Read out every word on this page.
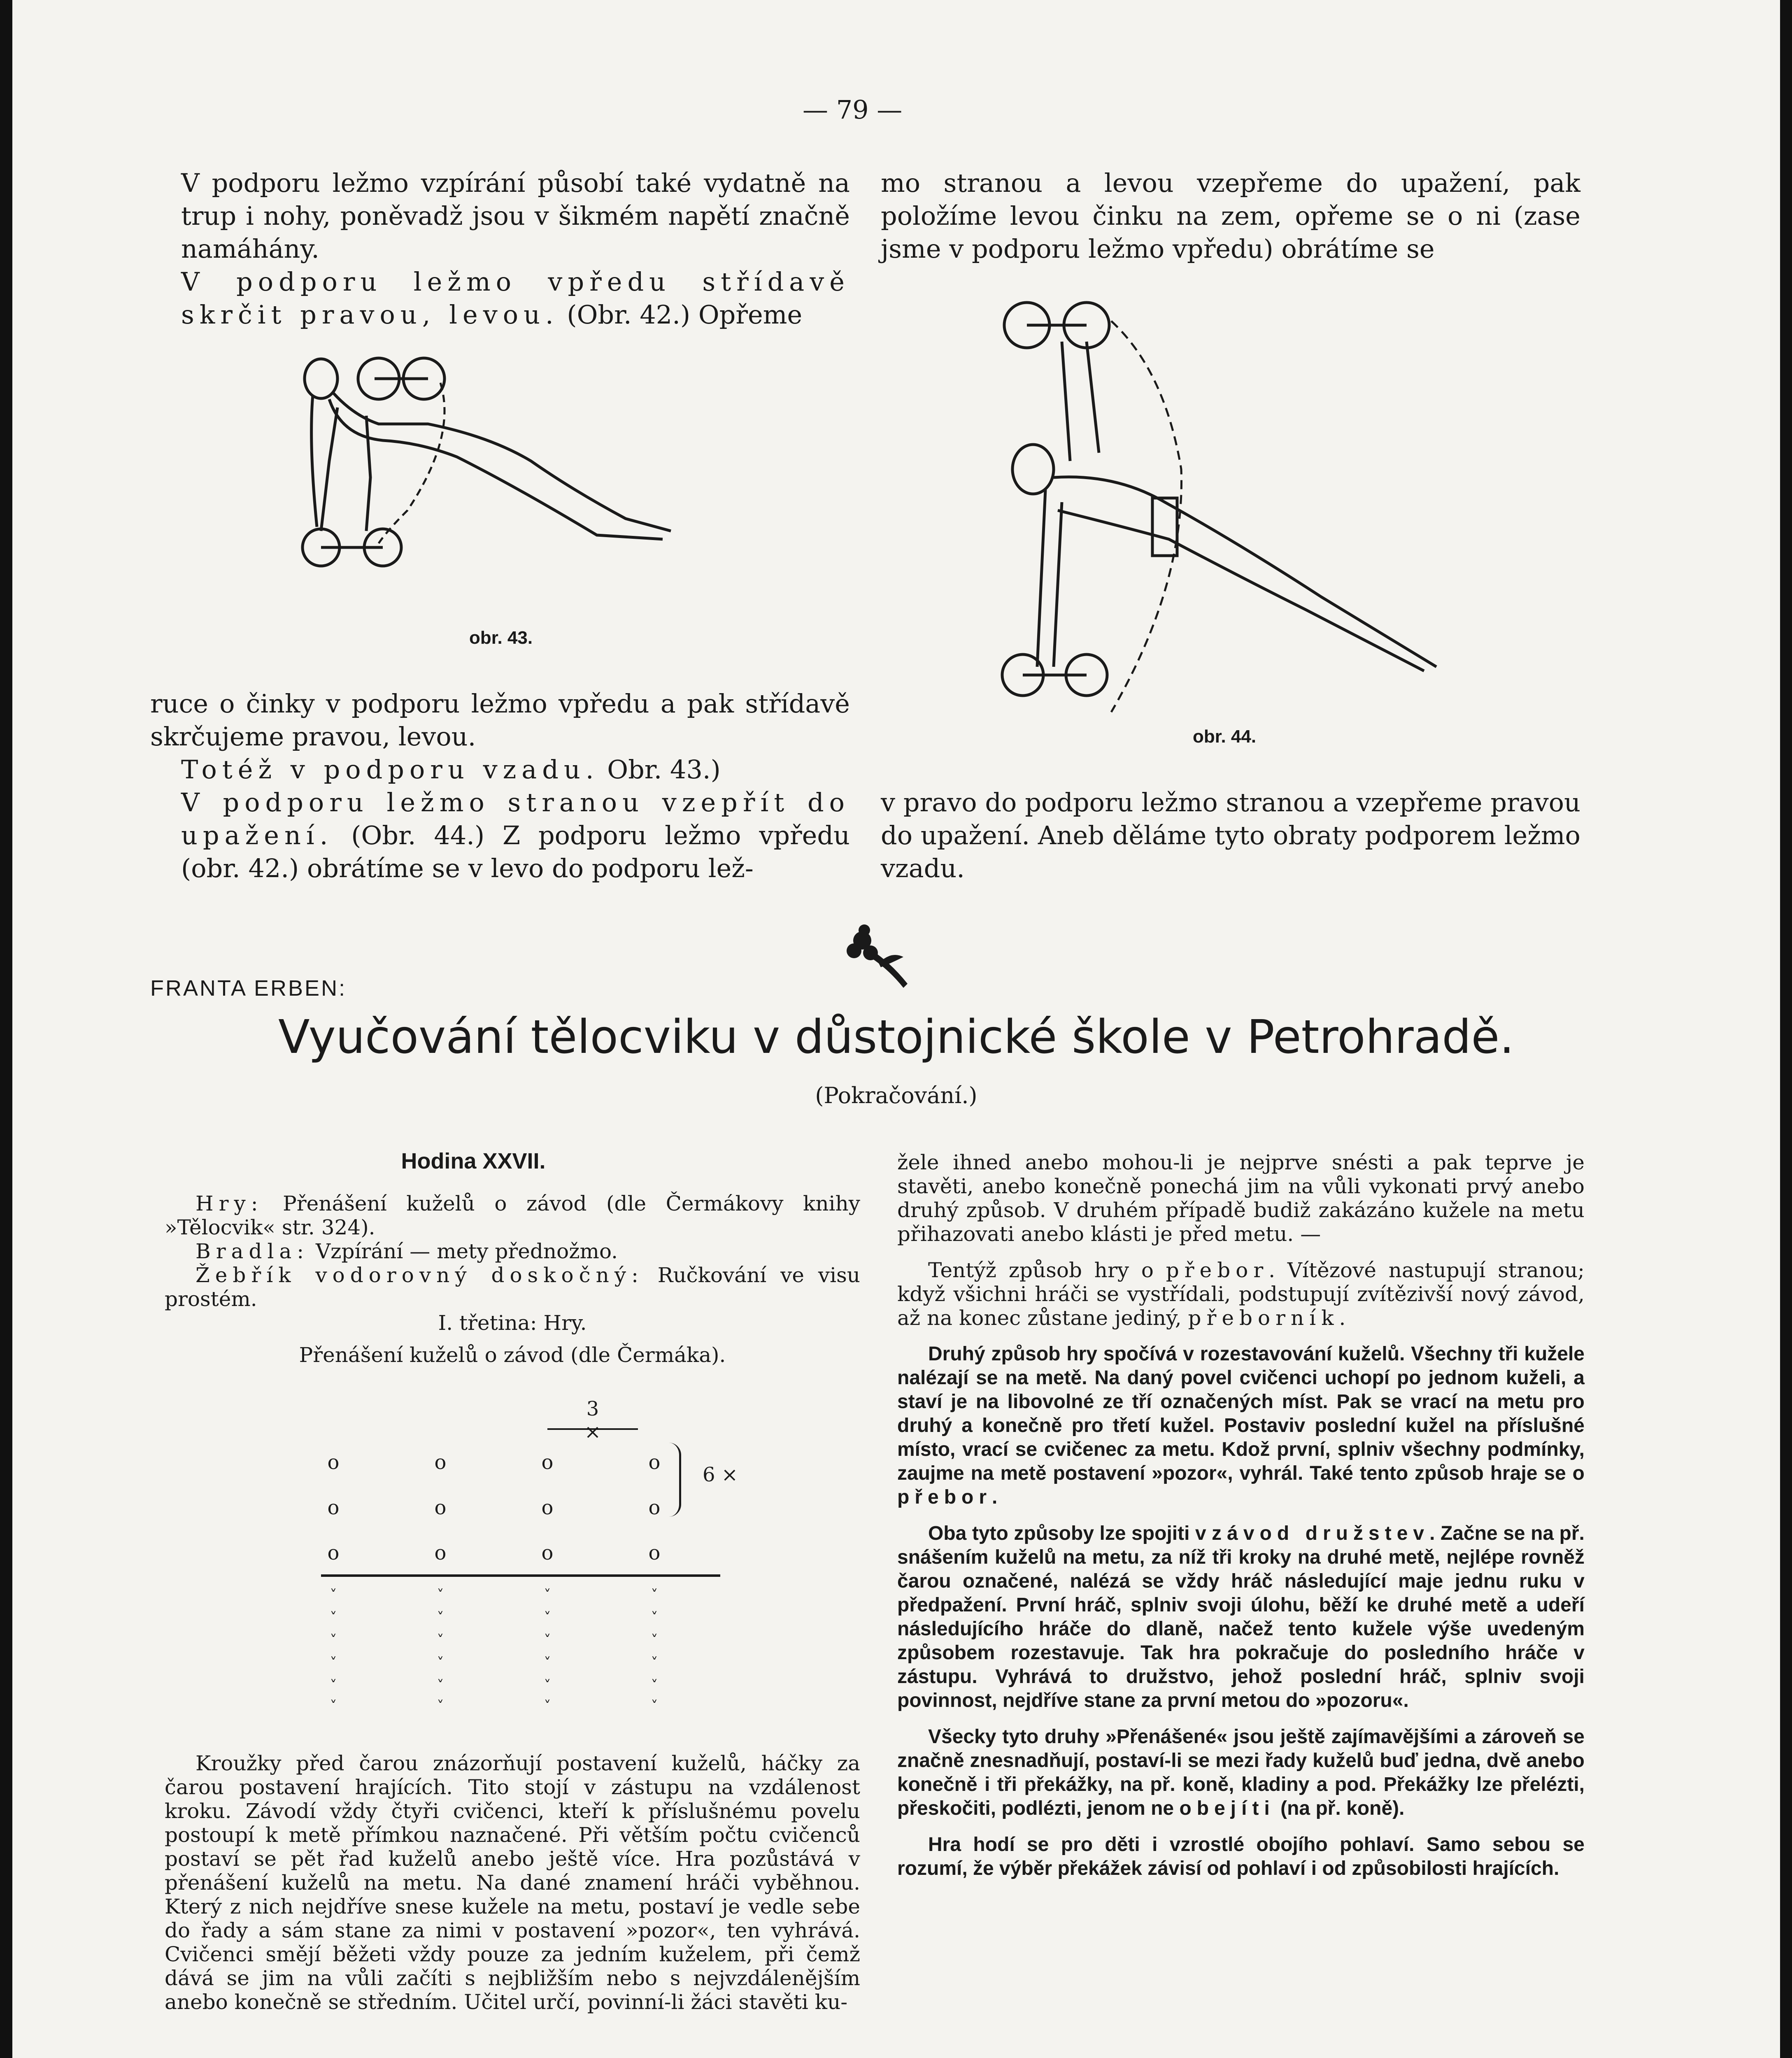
— 79 —

V podporu ležmo vzpírání působí také vydatně na trup i nohy, poněvadž jsou v šikmém napětí značně namáhány.

V podporu ležmo vpředu střídavě skrčit pravou, levou. (Obr. 42.) Opřeme

mo stranou a levou vzepřeme do upažení, pak položíme levou činku na zem, opřeme se o ni (zase jsme v podporu ležmo vpředu) obrátíme se

obr. 43.
obr. 44.

ruce o činky v podporu ležmo vpředu a pak střídavě skrčujeme pravou, levou.

Totéž v podporu vzadu. Obr. 43.)

V podporu ležmo stranou vzepřít do upažení. (Obr. 44.) Z podporu ležmo vpředu (obr. 42.) obrátíme se v levo do podporu lež-

v pravo do podporu ležmo stranou a vzepřeme pravou do upažení. Aneb děláme tyto obraty podporem ležmo vzadu.

FRANTA ERBEN:
Vyučování tělocviku v důstojnické škole v Petrohradě.
(Pokračování.)
Hodina XXVII.

Hry: Přenášení kuželů o závod (dle Čermákovy knihy »Tělocvik« str. 324).

Bradla: Vzpírání — mety přednožmo.

Žebřík vodorovný doskočný: Ručkování ve visu prostém.

I. třetina: Hry.

Přenášení kuželů o závod (dle Čermáka).

3 ×
6 ×
o
o
o
˅
˅
˅
˅
˅
˅
o
o
o
˅
˅
˅
˅
˅
˅
o
o
o
˅
˅
˅
˅
˅
˅
o
o
o
˅
˅
˅
˅
˅
˅

Kroužky před čarou znázorňují postavení kuželů, háčky za čarou postavení hrajících. Tito stojí v zástupu na vzdálenost kroku. Závodí vždy čtyři cvičenci, kteří k příslušnému povelu postoupí k metě přímkou naznačené. Při větším počtu cvičenců postaví se pět řad kuželů anebo ještě více. Hra pozůstává v přenášení kuželů na metu. Na dané znamení hráči vyběhnou. Který z nich nejdříve snese kužele na metu, postaví je vedle sebe do řady a sám stane za nimi v postavení »pozor«, ten vyhrává. Cvičenci smějí běžeti vždy pouze za jedním kuželem, při čemž dává se jim na vůli začíti s nejbližším nebo s nejvzdálenějším anebo konečně se středním. Učitel určí, povinní-li žáci stavěti ku-

žele ihned anebo mohou-li je nejprve snésti a pak teprve je stavěti, anebo konečně ponechá jim na vůli vykonati prvý anebo druhý způsob. V druhém případě budiž zakázáno kužele na metu přihazovati anebo klásti je před metu. —

Tentýž způsob hry o přebor. Vítězové nastupují stranou; když všichni hráči se vystřídali, podstupují zvítězivší nový závod, až na konec zůstane jediný, přeborník.

Druhý způsob hry spočívá v rozestavování kuželů. Všechny tři kužele nalézají se na metě. Na daný povel cvičenci uchopí po jednom kuželi, a staví je na libovolné ze tří označených míst. Pak se vrací na metu pro druhý a konečně pro třetí kužel. Postaviv poslední kužel na příslušné místo, vrací se cvičenec za metu. Kdož první, splniv všechny podmínky, zaujme na metě postavení »pozor«, vyhrál. Také tento způsob hraje se o přebor.

Oba tyto způsoby lze spojiti v závod družstev. Začne se na př. snášením kuželů na metu, za níž tři kroky na druhé metě, nejlépe rovněž čarou označené, nalézá se vždy hráč následující maje jednu ruku v předpažení. První hráč, splniv svoji úlohu, běží ke druhé metě a udeří následujícího hráče do dlaně, načež tento kužele výše uvedeným způsobem rozestavuje. Tak hra pokračuje do posledního hráče v zástupu. Vyhrává to družstvo, jehož poslední hráč, splniv svoji povinnost, nejdříve stane za první metou do »pozoru«.

Všecky tyto druhy »Přenášené« jsou ještě zajímavějšími a zároveň se značně znesnadňují, postaví-li se mezi řady kuželů buď jedna, dvě anebo konečně i tři překážky, na př. koně, kladiny a pod. Překážky lze přelézti, přeskočiti, podlézti, jenom ne obejíti (na př. koně).

Hra hodí se pro děti i vzrostlé obojího pohlaví. Samo sebou se rozumí, že výběr překážek závisí od pohlaví i od způsobilosti hrajících.
